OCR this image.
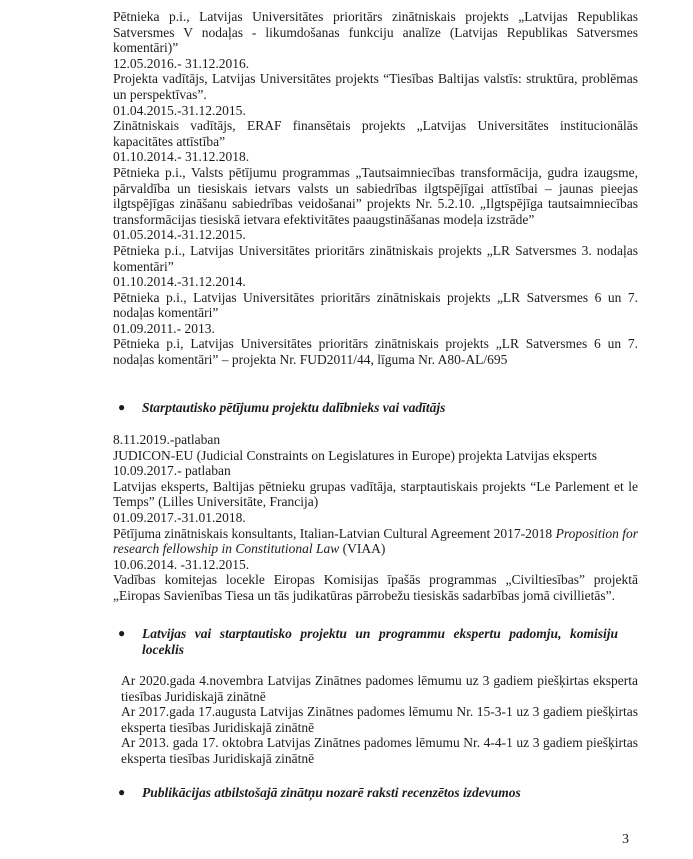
Pētnieka p.i., Latvijas Universitātes prioritārs zinātniskais projekts „Latvijas Republikas Satversmes V nodaļas - likumdošanas funkciju analīze (Latvijas Republikas Satversmes komentāri)”

12.05.2016.- 31.12.2016.

Projekta vadītājs, Latvijas Universitātes projekts “Tiesības Baltijas valstīs: struktūra, problēmas un perspektīvas”.

01.04.2015.-31.12.2015.

Zinātniskais vadītājs, ERAF finansētais projekts „Latvijas Universitātes institucionālās kapacitātes attīstība”

01.10.2014.- 31.12.2018.

Pētnieka p.i., Valsts pētījumu programmas „Tautsaimniecības transformācija, gudra izaugsme, pārvaldība un tiesiskais ietvars valsts un sabiedrības ilgtspējīgai attīstībai – jaunas pieejas ilgtspējīgas zināšanu sabiedrības veidošanai” projekts Nr. 5.2.10. „Ilgtspējīga tautsaimniecības transformācijas tiesiskā ietvara efektivitātes paaugstināšanas modeļa izstrāde”

01.05.2014.-31.12.2015.

Pētnieka p.i., Latvijas Universitātes prioritārs zinātniskais projekts „LR Satversmes 3. nodaļas komentāri”

01.10.2014.-31.12.2014.

Pētnieka p.i., Latvijas Universitātes prioritārs zinātniskais projekts „LR Satversmes 6 un 7. nodaļas komentāri”

01.09.2011.- 2013.

Pētnieka p.i, Latvijas Universitātes prioritārs zinātniskais projekts „LR Satversmes 6 un 7. nodaļas komentāri” – projekta Nr. FUD2011/44, līguma Nr. A80-AL/695

● Starptautisko pētījumu projektu dalībnieks vai vadītājs

8.11.2019.-patlaban

JUDICON-EU (Judicial Constraints on Legislatures in Europe) projekta Latvijas eksperts

10.09.2017.- patlaban

Latvijas eksperts, Baltijas pētnieku grupas vadītāja, starptautiskais projekts “Le Parlement et le Temps” (Lilles Universitāte, Francija)

01.09.2017.-31.01.2018.

Pētījuma zinātniskais konsultants, Italian-Latvian Cultural Agreement 2017-2018 Proposition for research fellowship in Constitutional Law (VIAA)

10.06.2014. -31.12.2015.

Vadības komitejas locekle Eiropas Komisijas īpašās programmas „Civiltiesības” projektā „Eiropas Savienības Tiesa un tās judikatūras pārrobežu tiesiskās sadarbības jomā civillietās”.

● Latvijas vai starptautisko projektu un programmu ekspertu padomju, komisiju loceklis

Ar 2020.gada 4.novembra Latvijas Zinātnes padomes lēmumu uz 3 gadiem piešķirtas eksperta tiesības Juridiskajā zinātnē

Ar 2017.gada 17.augusta Latvijas Zinātnes padomes lēmumu Nr. 15-3-1 uz 3 gadiem piešķirtas eksperta tiesības Juridiskajā zinātnē

Ar 2013. gada 17. oktobra Latvijas Zinātnes padomes lēmumu Nr. 4-4-1 uz 3 gadiem piešķirtas eksperta tiesības Juridiskajā zinātnē

● Publikācijas atbilstošajā zinātņu nozarē raksti recenzētos izdevumos
3
